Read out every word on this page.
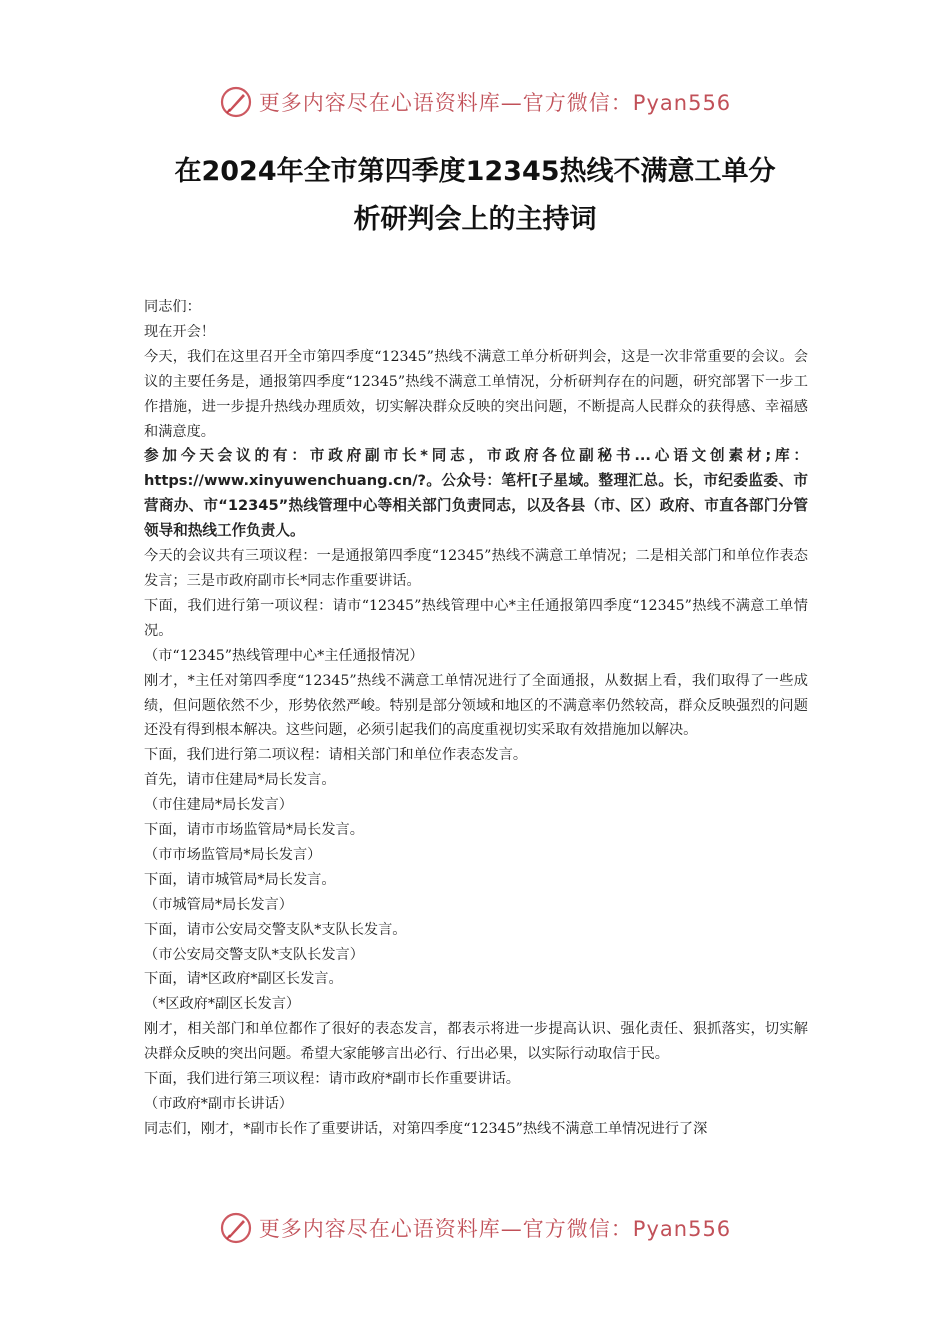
更多内容尽在心语资料库—官方微信：Pyan556
在2024年全市第四季度12345热线不满意工单分
析研判会上的主持词

同志们：

现在开会！

今天，我们在这里召开全市第四季度“12345”热线不满意工单分析研判会，这是一次非常重要的会议。会议的主要任务是，通报第四季度“12345”热线不满意工单情况，分析研判存在的问题，研究部署下一步工作措施，进一步提升热线办理质效，切实解决群众反映的突出问题，不断提高人民群众的获得感、幸福感和满意度。

参加今天会议的有：市政府副市长*同志，市政府各位副秘书...心语文创素材;库：https://www.xinyuwenchuang.cn/?。公众号：笔杆[子星域。整理汇总。长，市纪委监委、市营商办、市“12345”热线管理中心等相关部门负责同志，以及各县（市、区）政府、市直各部门分管领导和热线工作负责人。

今天的会议共有三项议程：一是通报第四季度“12345”热线不满意工单情况；二是相关部门和单位作表态发言；三是市政府副市长*同志作重要讲话。

下面，我们进行第一项议程：请市“12345”热线管理中心*主任通报第四季度“12345”热线不满意工单情况。

（市“12345”热线管理中心*主任通报情况）

刚才，*主任对第四季度“12345”热线不满意工单情况进行了全面通报，从数据上看，我们取得了一些成绩，但问题依然不少，形势依然严峻。特别是部分领域和地区的不满意率仍然较高，群众反映强烈的问题还没有得到根本解决。这些问题，必须引起我们的高度重视切实采取有效措施加以解决。

下面，我们进行第二项议程：请相关部门和单位作表态发言。

首先，请市住建局*局长发言。

（市住建局*局长发言）

下面，请市市场监管局*局长发言。

（市市场监管局*局长发言）

下面，请市城管局*局长发言。

（市城管局*局长发言）

下面，请市公安局交警支队*支队长发言。

（市公安局交警支队*支队长发言）

下面，请*区政府*副区长发言。

（*区政府*副区长发言）

刚才，相关部门和单位都作了很好的表态发言，都表示将进一步提高认识、强化责任、狠抓落实，切实解决群众反映的突出问题。希望大家能够言出必行、行出必果，以实际行动取信于民。

下面，我们进行第三项议程：请市政府*副市长作重要讲话。

（市政府*副市长讲话）

同志们，刚才，*副市长作了重要讲话，对第四季度“12345”热线不满意工单情况进行了深

更多内容尽在心语资料库—官方微信：Pyan556
